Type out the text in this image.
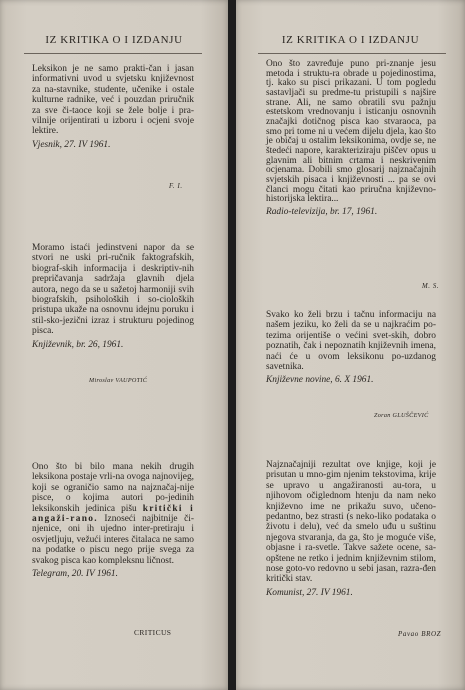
IZ KRITIKA O I IZDANJU
Leksikon je ne samo prakti-čan i jasan informativni uvod u svjetsku književnost za na-stavnike, studente, učenike i ostale kulturne radnike, već i pouzdan priručnik za sve či-taoce koji se žele bolje i pra-vilnije orijentirati u izboru i ocjeni svoje lektire.
Vjesnik, 27. IV 1961.
F. I.
Moramo istaći jedinstveni napor da se stvori ne uski pri-ručnik faktografskih, biograf-skih informacija i deskriptiv-nih prepričavanja sadržaja glavnih djela autora, nego da se u sažetoj harmoniji svih biografskih, psiholoških i so-cioloških pristupa ukaže na osnovnu idejnu poruku i stil-sko-jezični izraz i strukturu pojedinog pisca.
Književnik, br. 26, 1961.
Miroslav VAUPOTIĆ
Ono što bi bilo mana nekih drugih leksikona postaje vrli-na ovoga najnovijeg, koji se ograničio samo na najznačaj-nije pisce, o kojima autori po-jedinih leksikonskih jedinica pišu kritički i angaži-rano. Iznoseći najbitnije či-njenice, oni ih ujedno inter-pretiraju i osvjetljuju, vežući interes čitalaca ne samo na podatke o piscu nego prije svega za svakog pisca kao kompleksnu ličnost.
Telegram, 20. IV 1961.
CRITICUS
IZ KRITIKA O I IZDANJU
Ono što zavređuje puno pri-znanje jesu metoda i struktu-ra obrade u pojedinostima, tj. kako su pisci prikazani. U tom pogledu sastavljači su predme-tu pristupili s najšire strane. Ali, ne samo obratili svu pažnju estetskom vrednovanju i isticanju osnovnih značajki dotičnog pisca kao stvaraoca, pa smo pri tome ni u većem dijelu djela, kao što je običaj u ostalim leksikonima, ovdje se, ne štedeći napore, karakteriziraju piščev opus u glavnim ali bitnim crtama i neskrivenim ocjenama. Dobili smo glosarij najznačajnih svjetskih pisaca i književnosti ... pa se ovi članci mogu čitati kao priručna književno-historijska lektira...
Radio-televizija, br. 17, 1961.
M. S.
Svako ko želi brzu i tačnu informaciju na našem jeziku, ko želi da se u najkraćim po-tezima orijentiše o većini svet-skih, dobro poznatih, čak i nepoznatih književnih imena, naći će u ovom leksikonu po-uzdanog savetnika.
Književne novine, 6. X 1961.
Zoran GLUŠČEVIĆ
Najznačajniji rezultat ove knjige, koji je prisutan u mno-gim njenim tekstovima, krije se upravo u angažiranosti au-tora, u njihovom očiglednom htenju da nam neko književno ime ne prikažu suvo, učeno-pedantno, bez strasti (s neko-liko podataka o životu i delu), već da smelo uđu u suštinu njegova stvaranja, da ga, što je moguće više, objasne i ra-svetle. Takve sažete ocene, sa-opštene ne retko i jednim književnim stilom, nose goto-vo redovno u sebi jasan, razra-đen kritički stav.
Komunist, 27. IV 1961.
Pavao BROZ
